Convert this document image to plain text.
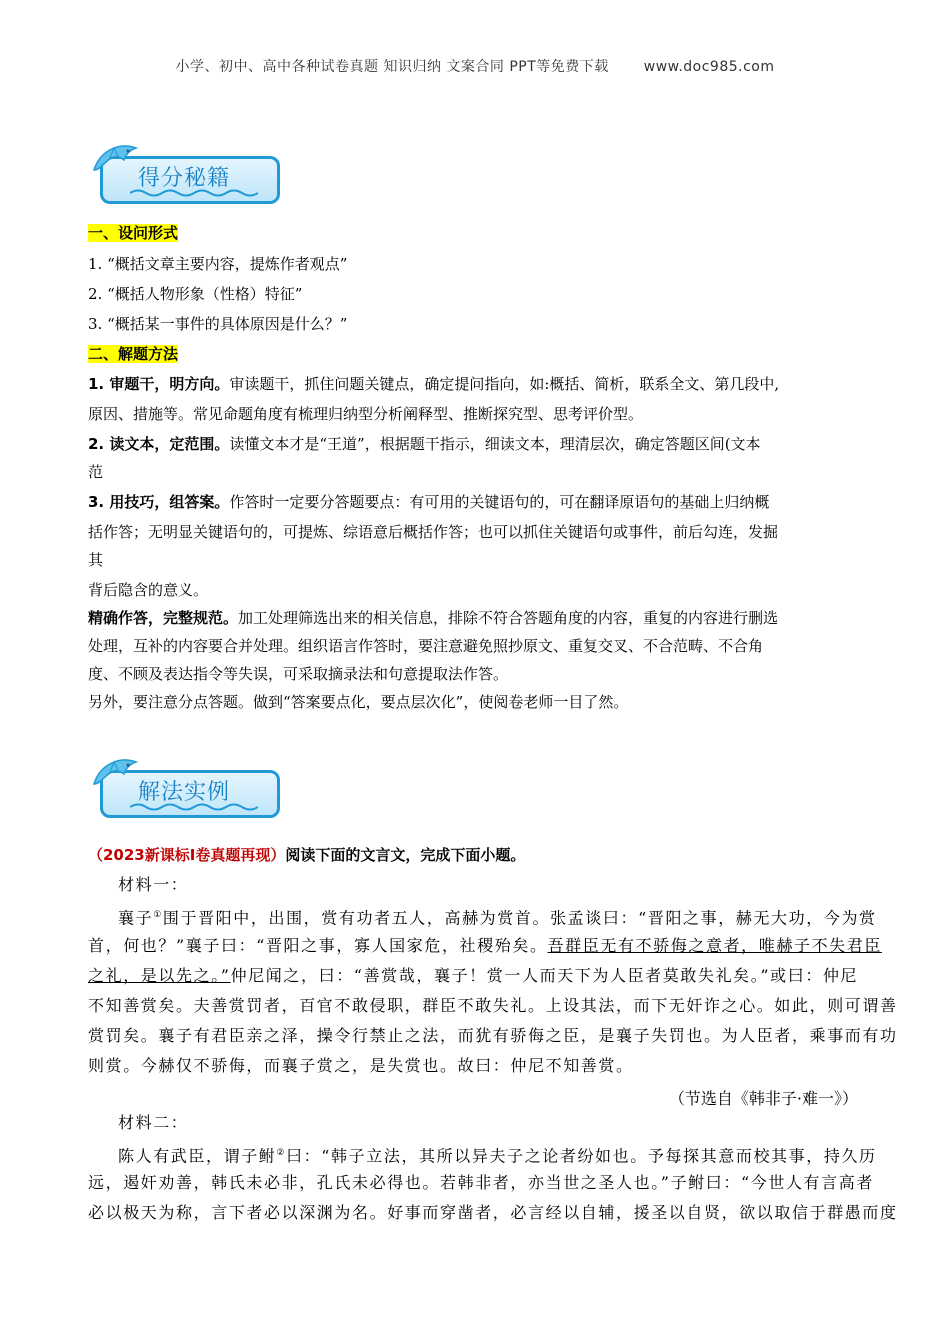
小学、初中、高中各种试卷真题 知识归纳 文案合同 PPT等免费下载 www.doc985.com
得分秘籍
一、设问形式
1. “概括文章主要内容，提炼作者观点”
2. “概括人物形象（性格）特征”
3. “概括某一事件的具体原因是什么？”
二、解题方法
1. 审题干，明方向。审读题干，抓住问题关键点，确定提问指向，如:概括、简析，联系全文、第几段中,
原因、措施等。常见命题角度有梳理归纳型分析阐释型、推断探究型、思考评价型。
2. 读文本，定范围。读懂文本才是“王道”，根据题干指示，细读文本，理清层次，确定答题区间(文本
范
3. 用技巧，组答案。作答时一定要分答题要点：有可用的关键语句的，可在翻译原语句的基础上归纳概
括作答；无明显关键语句的，可提炼、综语意后概括作答；也可以抓住关键语句或事件，前后勾连，发掘
其
背后隐含的意义。
精确作答，完整规范。加工处理筛选出来的相关信息，排除不符合答题角度的内容，重复的内容进行删选
处理，互补的内容要合并处理。组织语言作答时，要注意避免照抄原文、重复交叉、不合范畴、不合角
度、不顾及表达指令等失误，可采取摘录法和句意提取法作答。
另外，要注意分点答题。做到“答案要点化，要点层次化”，使阅卷老师一目了然。
解法实例
（2023新课标I卷真题再现）阅读下面的文言文，完成下面小题。
材料一：
襄子①围于晋阳中，出围，赏有功者五人，高赫为赏首。张孟谈曰：“晋阳之事，赫无大功，今为赏
首，何也？”襄子曰：“晋阳之事，寡人国家危，社稷殆矣。吾群臣无有不骄侮之意者，唯赫子不失君臣
之礼，是以先之。”仲尼闻之，曰：“善赏哉，襄子！赏一人而天下为人臣者莫敢失礼矣。”或曰：仲尼
不知善赏矣。夫善赏罚者，百官不敢侵职，群臣不敢失礼。上设其法，而下无奸诈之心。如此，则可谓善
赏罚矣。襄子有君臣亲之泽，操令行禁止之法，而犹有骄侮之臣，是襄子失罚也。为人臣者，乘事而有功
则赏。今赫仅不骄侮，而襄子赏之，是失赏也。故曰：仲尼不知善赏。
（节选自《韩非子·难一》）
材料二：
陈人有武臣，谓子鲋②曰：“韩子立法，其所以异夫子之论者纷如也。予每探其意而校其事，持久历
远，遏奸劝善，韩氏未必非，孔氏未必得也。若韩非者，亦当世之圣人也。”子鲋曰：“今世人有言高者
必以极天为称，言下者必以深渊为名。好事而穿凿者，必言经以自辅，援圣以自贤，欲以取信于群愚而度
